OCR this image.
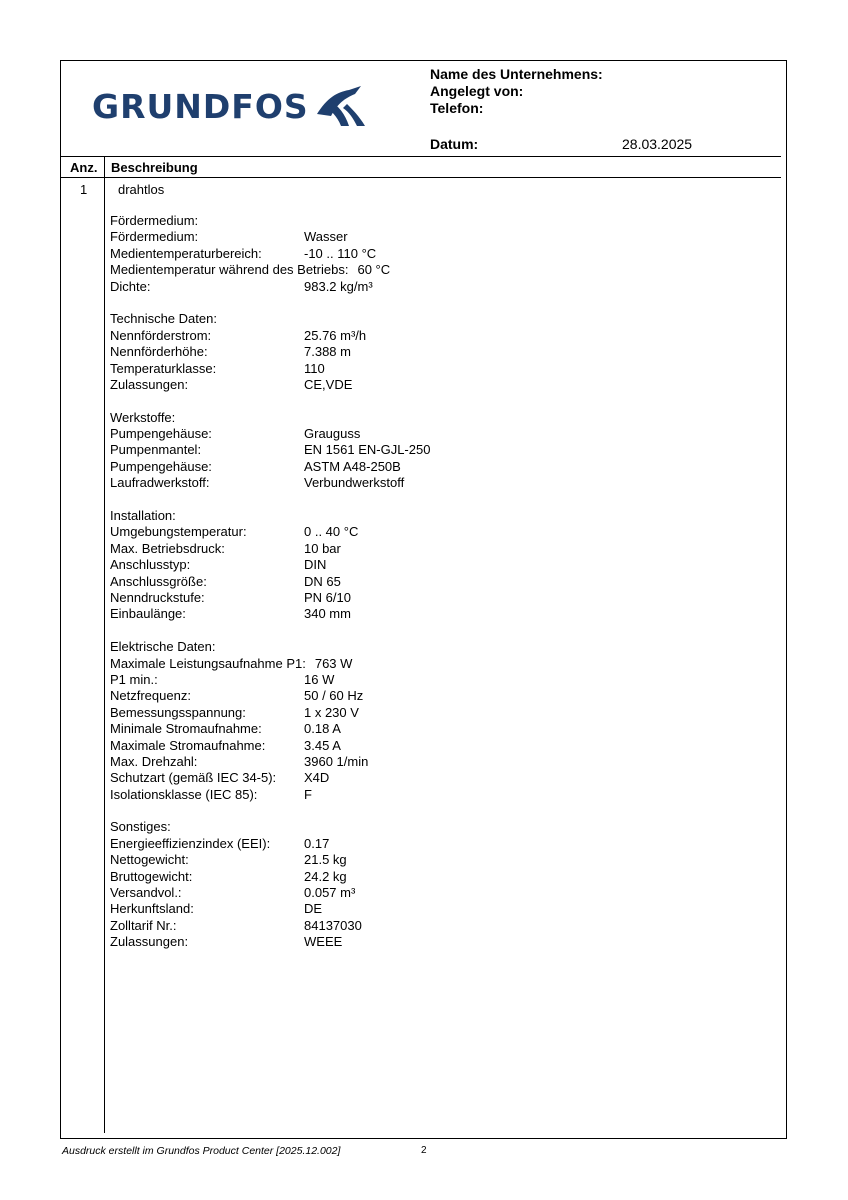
GRUNDFOS
Name des Unternehmens:
Angelegt von:
Telefon:
Datum:	28.03.2025
Anz. Beschreibung
1 drahtlos
Fördermedium:
Fördermedium:	Wasser
Medientemperaturbereich:	-10 .. 110 °C
Medientemperatur während des Betriebs: 60 °C
Dichte:	983.2 kg/m³
Technische Daten:
Nennförderstrom:	25.76 m³/h
Nennförderhöhe:	7.388 m
Temperaturklasse:	110
Zulassungen:	CE,VDE
Werkstoffe:
Pumpengehäuse:	Grauguss
Pumpenmantel:	EN 1561 EN-GJL-250
Pumpengehäuse:	ASTM A48-250B
Laufradwerkstoff:	Verbundwerkstoff
Installation:
Umgebungstemperatur:	0 .. 40 °C
Max. Betriebsdruck:	10 bar
Anschlusstyp:	DIN
Anschlussgröße:	DN 65
Nenndruckstufe:	PN 6/10
Einbaulänge:	340 mm
Elektrische Daten:
Maximale Leistungsaufnahme P1: 763 W
P1 min.:	16 W
Netzfrequenz:	50 / 60 Hz
Bemessungsspannung:	1 x 230 V
Minimale Stromaufnahme:	0.18 A
Maximale Stromaufnahme:	3.45 A
Max. Drehzahl:	3960 1/min
Schutzart (gemäß IEC 34-5): X4D
Isolationsklasse (IEC 85):	F
Sonstiges:
Energieeffizienzindex (EEI):	0.17
Nettogewicht:	21.5 kg
Bruttogewicht:	24.2 kg
Versandvol.:	0.057 m³
Herkunftsland:	DE
Zolltarif Nr.:	84137030
Zulassungen:	WEEE
Ausdruck erstellt im Grundfos Product Center [2025.12.002]	2
